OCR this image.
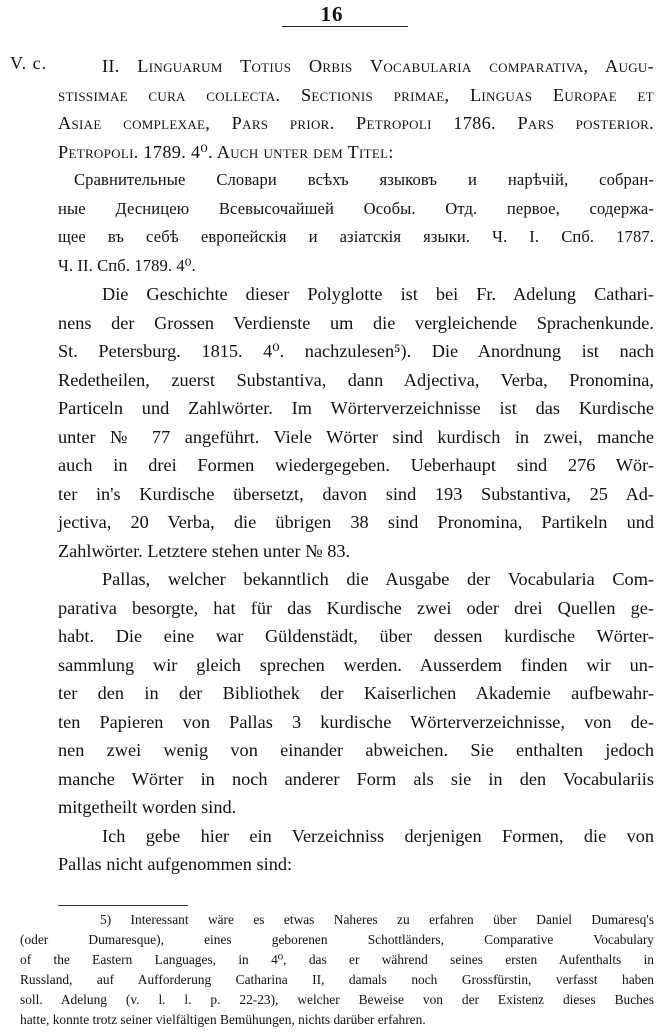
16
V. c.	II. Linguarum Totius Orbis Vocabularia comparativa, Augu-
stissimae cura collecta. Sectionis primae, Linguas Europae et
Asiae complexae, Pars prior. Petropoli 1786. Pars posterior.
Petropoli. 1789. 4⁰. Auch unter dem Titel:

Сравнительные Словари всѣхъ языковъ и нарѣчій, собран-
ные Десницею Всевысочайшей Особы. Отд. первое, содержа-
щее въ себѣ европейскія и азіатскія языки. Ч. I. Спб. 1787.
Ч. II. Спб. 1789. 4⁰.

Die Geschichte dieser Polyglotte ist bei Fr. Adelung Cathari-
nens der Grossen Verdienste um die vergleichende Sprachenkunde.
St. Petersburg. 1815. 4⁰. nachzulesen⁵). Die Anordnung ist nach
Redetheilen, zuerst Substantiva, dann Adjectiva, Verba, Pronomina,
Particeln und Zahlwörter. Im Wörterverzeichnisse ist das Kurdische
unter № 77 angeführt. Viele Wörter sind kurdisch in zwei, manche
auch in drei Formen wiedergegeben. Ueberhaupt sind 276 Wör-
ter in's Kurdische übersetzt, davon sind 193 Substantiva, 25 Ad-
jectiva, 20 Verba, die übrigen 38 sind Pronomina, Partikeln und
Zahlwörter. Letztere stehen unter № 83.

Pallas, welcher bekanntlich die Ausgabe der Vocabularia Com-
parativa besorgte, hat für das Kurdische zwei oder drei Quellen ge-
habt. Die eine war Güldenstädt, über dessen kurdische Wörter-
sammlung wir gleich sprechen werden. Ausserdem finden wir un-
ter den in der Bibliothek der Kaiserlichen Akademie aufbewahr-
ten Papieren von Pallas 3 kurdische Wörterverzeichnisse, von de-
nen zwei wenig von einander abweichen. Sie enthalten jedoch
manche Wörter in noch anderer Form als sie in den Vocabulariis
mitgetheilt worden sind.

Ich gebe hier ein Verzeichniss derjenigen Formen, die von
Pallas nicht aufgenommen sind:

5) Interessant wäre es etwas Naheres zu erfahren über Daniel Dumaresq's
(oder Dumaresque), eines geborenen Schottländers, Comparative Vocabulary
of the Eastern Languages, in 4⁰, das er während seines ersten Aufenthalts in
Russland, auf Aufforderung Catharina II, damals noch Grossfürstin, verfasst haben
soll. Adelung (v. l. l. p. 22-23), welcher Beweise von der Existenz dieses Buches
hatte, konnte trotz seiner vielfältigen Bemühungen, nichts darüber erfahren.
